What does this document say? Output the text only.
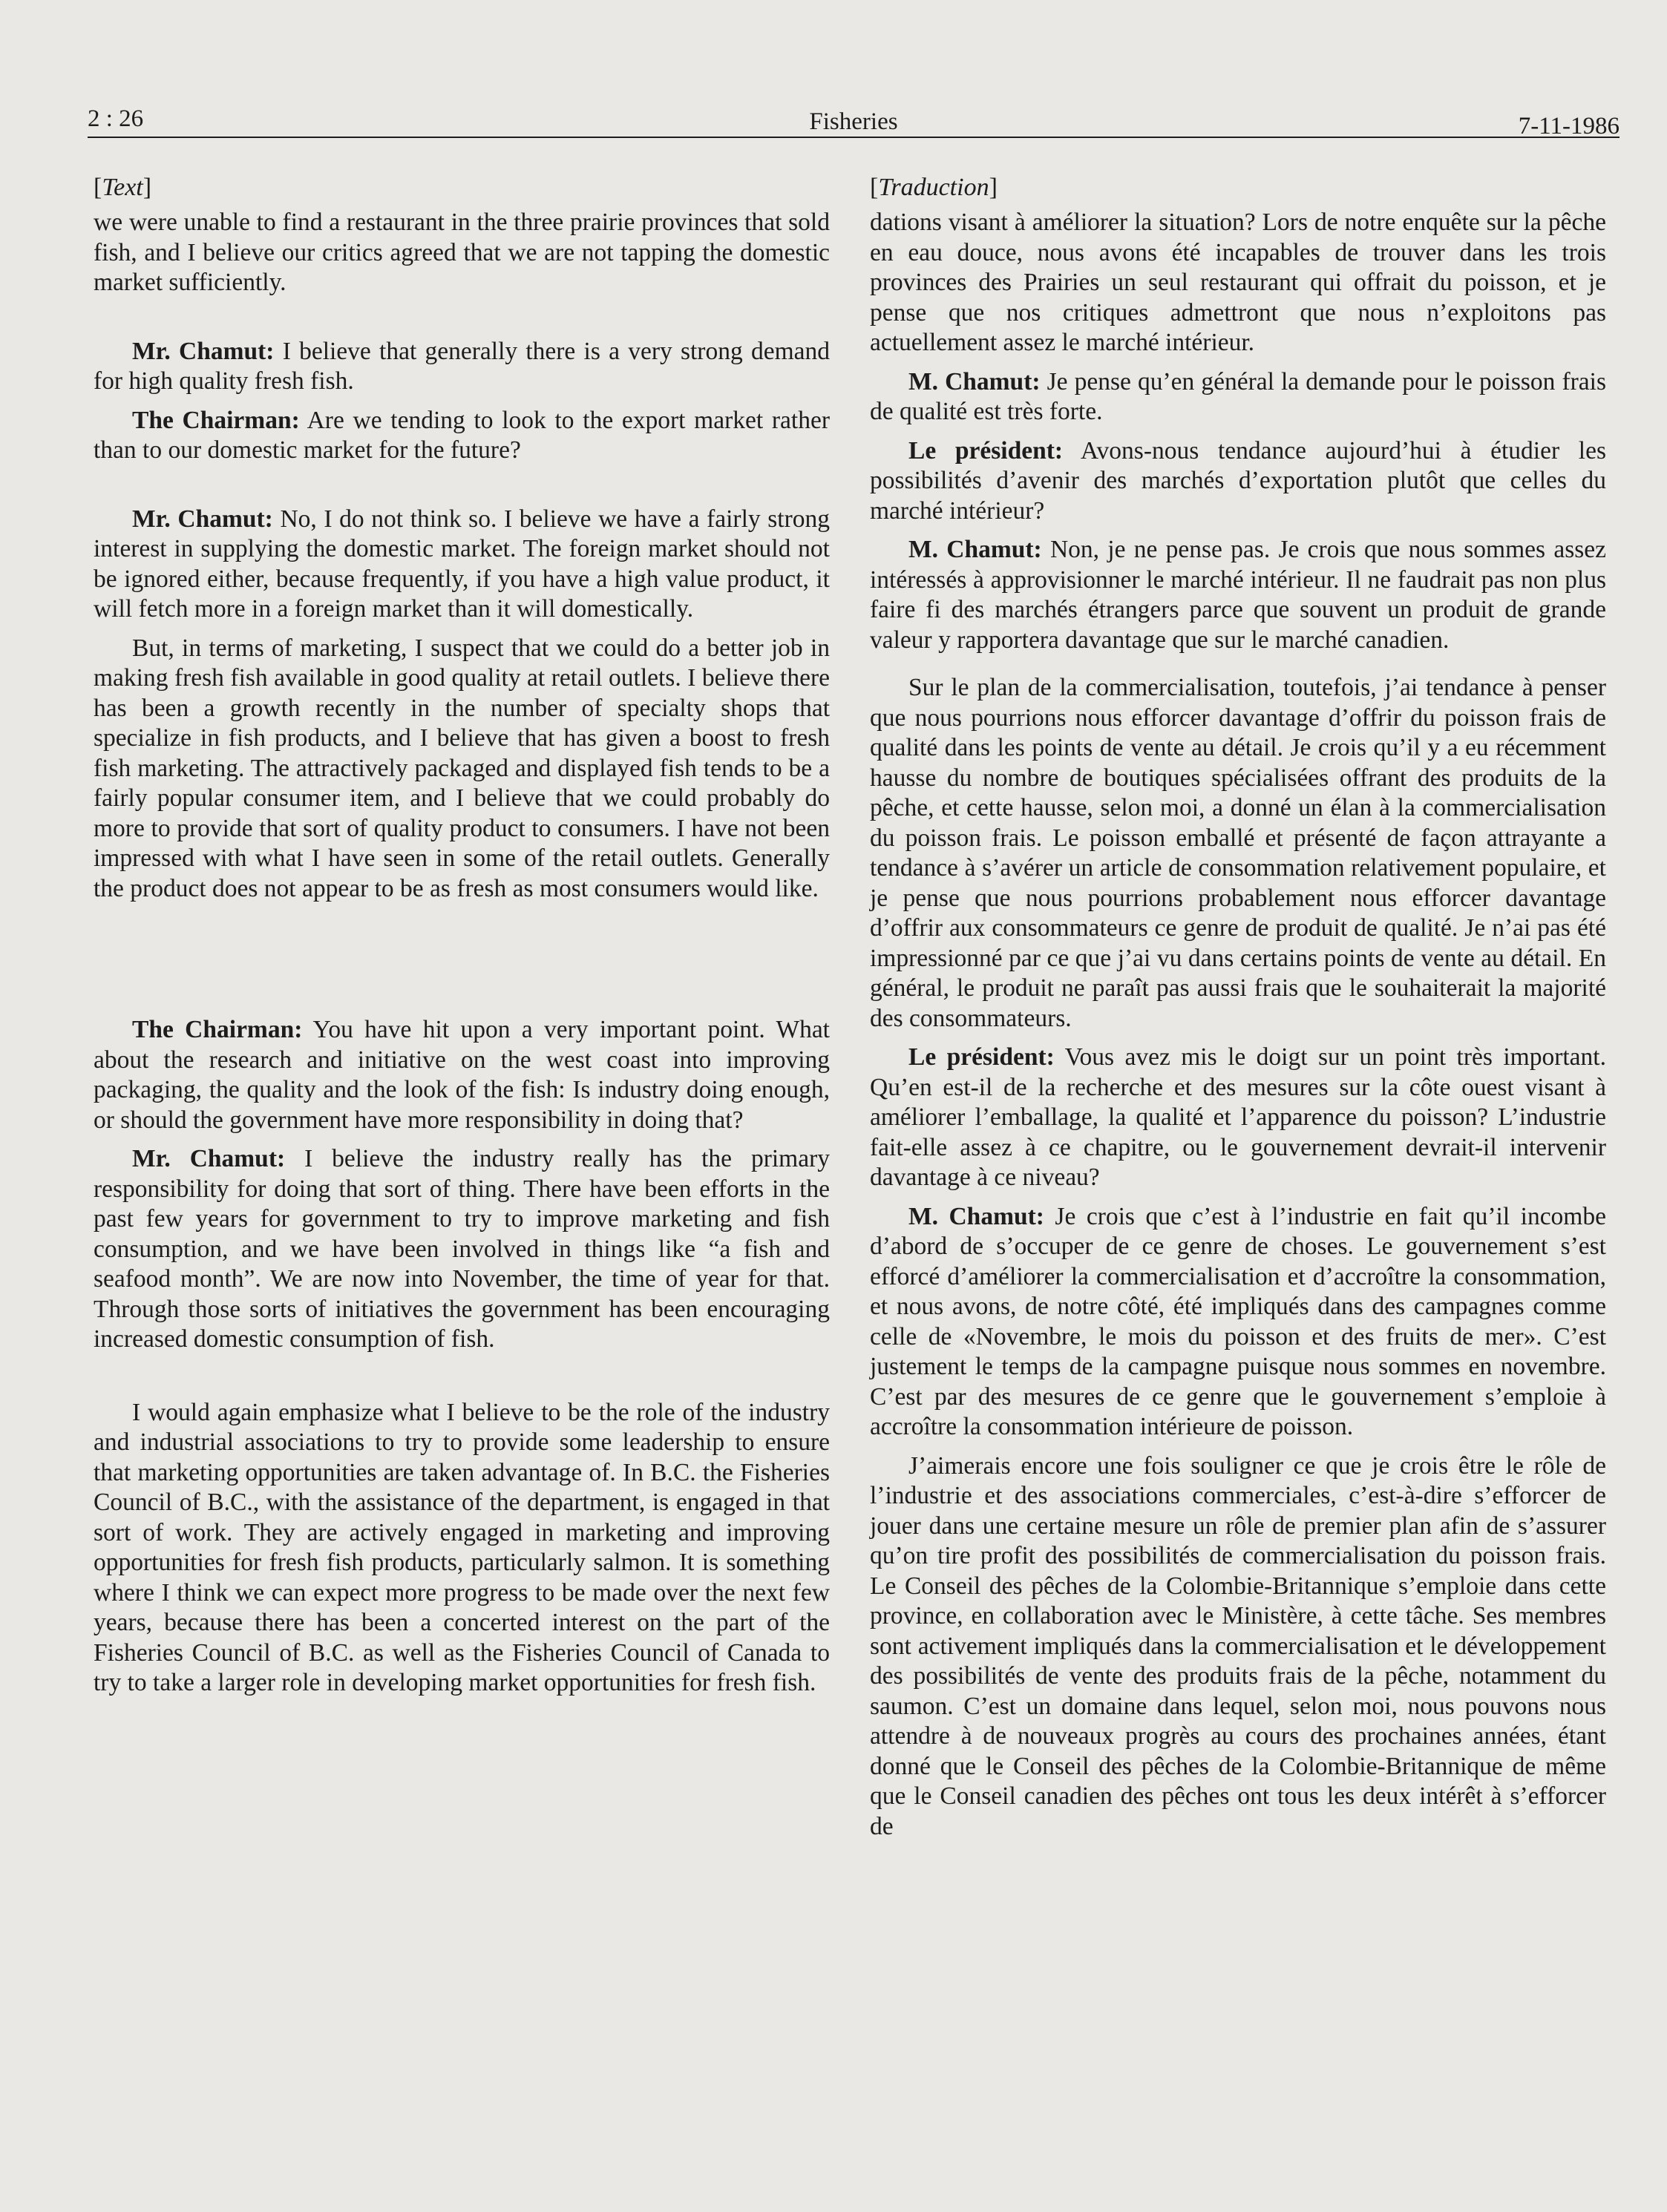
2 : 26	Fisheries	7-11-1986
[Text]

we were unable to find a restaurant in the three prairie provinces that sold fish, and I believe our critics agreed that we are not tapping the domestic market sufficiently.

Mr. Chamut: I believe that generally there is a very strong demand for high quality fresh fish.

The Chairman: Are we tending to look to the export market rather than to our domestic market for the future?

Mr. Chamut: No, I do not think so. I believe we have a fairly strong interest in supplying the domestic market. The foreign market should not be ignored either, because frequently, if you have a high value product, it will fetch more in a foreign market than it will domestically.

But, in terms of marketing, I suspect that we could do a better job in making fresh fish available in good quality at retail outlets. I believe there has been a growth recently in the number of specialty shops that specialize in fish products, and I believe that has given a boost to fresh fish marketing. The attractively packaged and displayed fish tends to be a fairly popular consumer item, and I believe that we could probably do more to provide that sort of quality product to consumers. I have not been impressed with what I have seen in some of the retail outlets. Generally the product does not appear to be as fresh as most consumers would like.

The Chairman: You have hit upon a very important point. What about the research and initiative on the west coast into improving packaging, the quality and the look of the fish: Is industry doing enough, or should the government have more responsibility in doing that?

Mr. Chamut: I believe the industry really has the primary responsibility for doing that sort of thing. There have been efforts in the past few years for government to try to improve marketing and fish consumption, and we have been involved in things like “a fish and seafood month”. We are now into November, the time of year for that. Through those sorts of initiatives the government has been encouraging increased domestic consumption of fish.

I would again emphasize what I believe to be the role of the industry and industrial associations to try to provide some leadership to ensure that marketing opportunities are taken advantage of. In B.C. the Fisheries Council of B.C., with the assistance of the department, is engaged in that sort of work. They are actively engaged in marketing and improving opportunities for fresh fish products, particularly salmon. It is something where I think we can expect more progress to be made over the next few years, because there has been a concerted interest on the part of the Fisheries Council of B.C. as well as the Fisheries Council of Canada to try to take a larger role in developing market opportunities for fresh fish.

[Traduction]

dations visant à améliorer la situation? Lors de notre enquête sur la pêche en eau douce, nous avons été incapables de trouver dans les trois provinces des Prairies un seul restaurant qui offrait du poisson, et je pense que nos critiques admettront que nous n’exploitons pas actuellement assez le marché intérieur.

M. Chamut: Je pense qu’en général la demande pour le poisson frais de qualité est très forte.

Le président: Avons-nous tendance aujourd’hui à étudier les possibilités d’avenir des marchés d’exportation plutôt que celles du marché intérieur?

M. Chamut: Non, je ne pense pas. Je crois que nous sommes assez intéressés à approvisionner le marché intérieur. Il ne faudrait pas non plus faire fi des marchés étrangers parce que souvent un produit de grande valeur y rapportera davantage que sur le marché canadien.

Sur le plan de la commercialisation, toutefois, j’ai tendance à penser que nous pourrions nous efforcer davantage d’offrir du poisson frais de qualité dans les points de vente au détail. Je crois qu’il y a eu récemment hausse du nombre de boutiques spécialisées offrant des produits de la pêche, et cette hausse, selon moi, a donné un élan à la commercialisation du poisson frais. Le poisson emballé et présenté de façon attrayante a tendance à s’avérer un article de consommation relativement populaire, et je pense que nous pourrions probablement nous efforcer davantage d’offrir aux consommateurs ce genre de produit de qualité. Je n’ai pas été impressionné par ce que j’ai vu dans certains points de vente au détail. En général, le produit ne paraît pas aussi frais que le souhaiterait la majorité des consommateurs.

Le président: Vous avez mis le doigt sur un point très important. Qu’en est-il de la recherche et des mesures sur la côte ouest visant à améliorer l’emballage, la qualité et l’apparence du poisson? L’industrie fait-elle assez à ce chapitre, ou le gouvernement devrait-il intervenir davantage à ce niveau?

M. Chamut: Je crois que c’est à l’industrie en fait qu’il incombe d’abord de s’occuper de ce genre de choses. Le gouvernement s’est efforcé d’améliorer la commercialisation et d’accroître la consommation, et nous avons, de notre côté, été impliqués dans des campagnes comme celle de «Novembre, le mois du poisson et des fruits de mer». C’est justement le temps de la campagne puisque nous sommes en novembre. C’est par des mesures de ce genre que le gouvernement s’emploie à accroître la consommation intérieure de poisson.

J’aimerais encore une fois souligner ce que je crois être le rôle de l’industrie et des associations commerciales, c’est-à-dire s’efforcer de jouer dans une certaine mesure un rôle de premier plan afin de s’assurer qu’on tire profit des possibilités de commercialisation du poisson frais. Le Conseil des pêches de la Colombie-Britannique s’emploie dans cette province, en collaboration avec le Ministère, à cette tâche. Ses membres sont activement impliqués dans la commercialisation et le développement des possibilités de vente des produits frais de la pêche, notamment du saumon. C’est un domaine dans lequel, selon moi, nous pouvons nous attendre à de nouveaux progrès au cours des prochaines années, étant donné que le Conseil des pêches de la Colombie-Britannique de même que le Conseil canadien des pêches ont tous les deux intérêt à s’efforcer de
